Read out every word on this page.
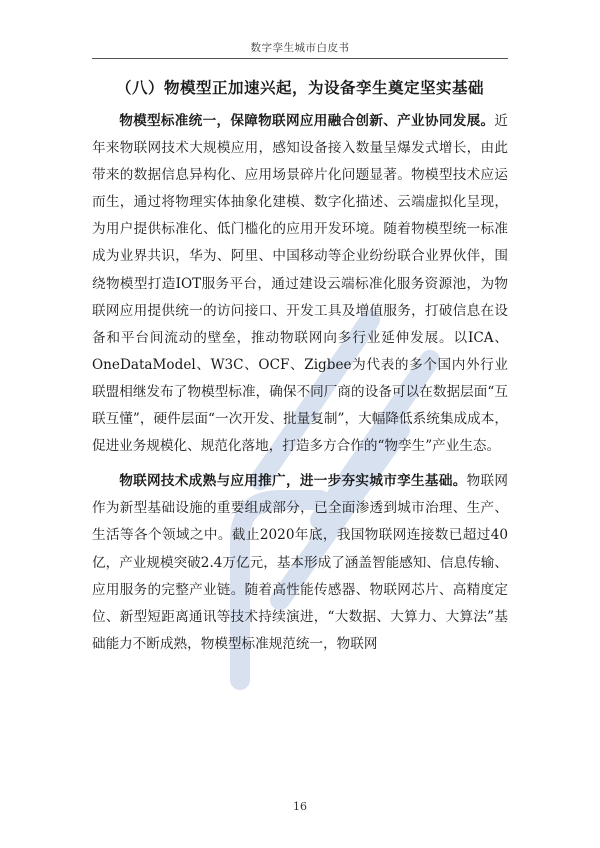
数字孪生城市白皮书
（八）物模型正加速兴起，为设备孪生奠定坚实基础

物模型标准统一，保障物联网应用融合创新、产业协同发展。近年来物联网技术大规模应用，感知设备接入数量呈爆发式增长，由此带来的数据信息异构化、应用场景碎片化问题显著。物模型技术应运而生，通过将物理实体抽象化建模、数字化描述、云端虚拟化呈现，为用户提供标准化、低门槛化的应用开发环境。随着物模型统一标准成为业界共识，华为、阿里、中国移动等企业纷纷联合业界伙伴，围绕物模型打造IOT服务平台，通过建设云端标准化服务资源池，为物联网应用提供统一的访问接口、开发工具及增值服务，打破信息在设备和平台间流动的壁垒，推动物联网向多行业延伸发展。以ICA、OneDataModel、W3C、OCF、Zigbee为代表的多个国内外行业联盟相继发布了物模型标准，确保不同厂商的设备可以在数据层面“互联互懂”，硬件层面“一次开发、批量复制”，大幅降低系统集成成本，促进业务规模化、规范化落地，打造多方合作的“物孪生”产业生态。

物联网技术成熟与应用推广，进一步夯实城市孪生基础。物联网作为新型基础设施的重要组成部分，已全面渗透到城市治理、生产、生活等各个领域之中。截止2020年底，我国物联网连接数已超过40亿，产业规模突破2.4万亿元，基本形成了涵盖智能感知、信息传输、应用服务的完整产业链。随着高性能传感器、物联网芯片、高精度定位、新型短距离通讯等技术持续演进，“大数据、大算力、大算法”基础能力不断成熟，物模型标准规范统一，物联网

16
